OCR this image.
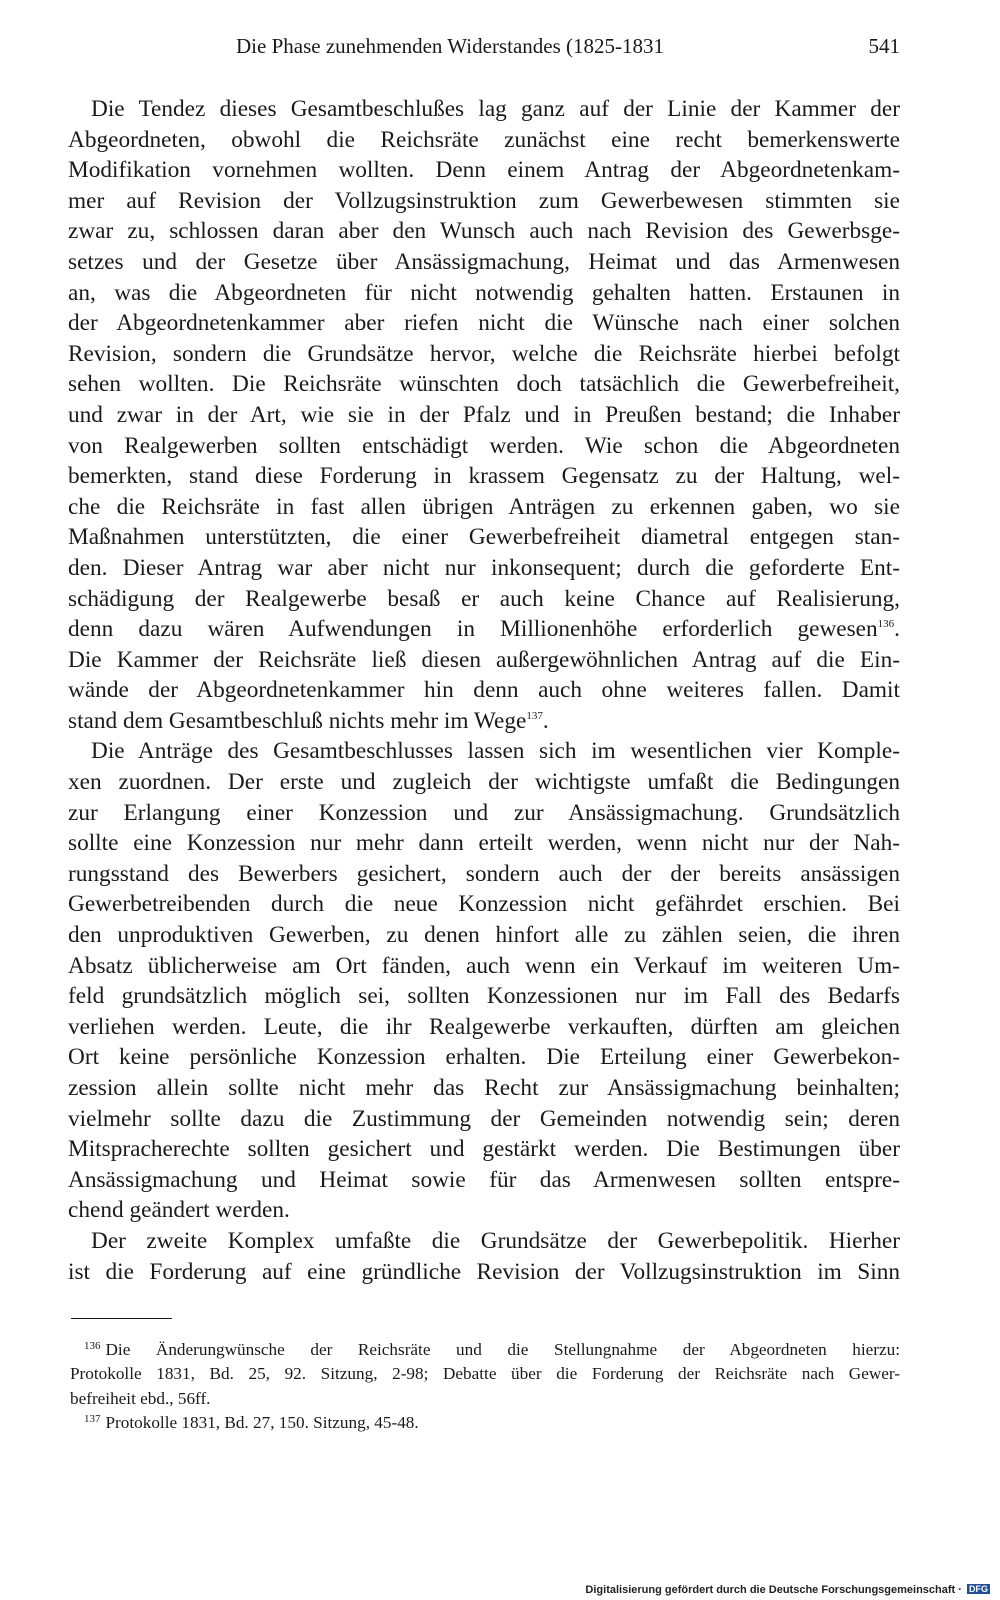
Die Phase zunehmenden Widerstandes (1825-1831	541
Die Tendez dieses Gesamtbeschlußes lag ganz auf der Linie der Kammer der
Abgeordneten, obwohl die Reichsräte zunächst eine recht bemerkenswerte
Modifikation vornehmen wollten. Denn einem Antrag der Abgeordnetenkam-
mer auf Revision der Vollzugsinstruktion zum Gewerbewesen stimmten sie
zwar zu, schlossen daran aber den Wunsch auch nach Revision des Gewerbsge-
setzes und der Gesetze über Ansässigmachung, Heimat und das Armenwesen
an, was die Abgeordneten für nicht notwendig gehalten hatten. Erstaunen in
der Abgeordnetenkammer aber riefen nicht die Wünsche nach einer solchen
Revision, sondern die Grundsätze hervor, welche die Reichsräte hierbei befolgt
sehen wollten. Die Reichsräte wünschten doch tatsächlich die Gewerbefreiheit,
und zwar in der Art, wie sie in der Pfalz und in Preußen bestand; die Inhaber
von Realgewerben sollten entschädigt werden. Wie schon die Abgeordneten
bemerkten, stand diese Forderung in krassem Gegensatz zu der Haltung, wel-
che die Reichsräte in fast allen übrigen Anträgen zu erkennen gaben, wo sie
Maßnahmen unterstützten, die einer Gewerbefreiheit diametral entgegen stan-
den. Dieser Antrag war aber nicht nur inkonsequent; durch die geforderte Ent-
schädigung der Realgewerbe besaß er auch keine Chance auf Realisierung,
denn dazu wären Aufwendungen in Millionenhöhe erforderlich gewesen$^{136}$.
Die Kammer der Reichsräte ließ diesen außergewöhnlichen Antrag auf die Ein-
wände der Abgeordnetenkammer hin denn auch ohne weiteres fallen. Damit
stand dem Gesamtbeschluß nichts mehr im Wege$^{137}$.
Die Anträge des Gesamtbeschlusses lassen sich im wesentlichen vier Komple-
xen zuordnen. Der erste und zugleich der wichtigste umfaßt die Bedingungen
zur Erlangung einer Konzession und zur Ansässigmachung. Grundsätzlich
sollte eine Konzession nur mehr dann erteilt werden, wenn nicht nur der Nah-
rungsstand des Bewerbers gesichert, sondern auch der der bereits ansässigen
Gewerbetreibenden durch die neue Konzession nicht gefährdet erschien. Bei
den unproduktiven Gewerben, zu denen hinfort alle zu zählen seien, die ihren
Absatz üblicherweise am Ort fänden, auch wenn ein Verkauf im weiteren Um-
feld grundsätzlich möglich sei, sollten Konzessionen nur im Fall des Bedarfs
verliehen werden. Leute, die ihr Realgewerbe verkauften, dürften am gleichen
Ort keine persönliche Konzession erhalten. Die Erteilung einer Gewerbekon-
zession allein sollte nicht mehr das Recht zur Ansässigmachung beinhalten;
vielmehr sollte dazu die Zustimmung der Gemeinden notwendig sein; deren
Mitspracherechte sollten gesichert und gestärkt werden. Die Bestimungen über
Ansässigmachung und Heimat sowie für das Armenwesen sollten entspre-
chend geändert werden.
Der zweite Komplex umfaßte die Grundsätze der Gewerbepolitik. Hierher
ist die Forderung auf eine gründliche Revision der Vollzugsinstruktion im Sinn
$^{136}$ Die Änderungwünsche der Reichsräte und die Stellungnahme der Abgeordneten hierzu:
Protokolle 1831, Bd. 25, 92. Sitzung, 2-98; Debatte über die Forderung der Reichsräte nach Gewer-
befreiheit ebd., 56ff.
$^{137}$ Protokolle 1831, Bd. 27, 150. Sitzung, 45-48.
Digitalisierung gefördert durch die Deutsche Forschungsgemeinschaft · DFG
